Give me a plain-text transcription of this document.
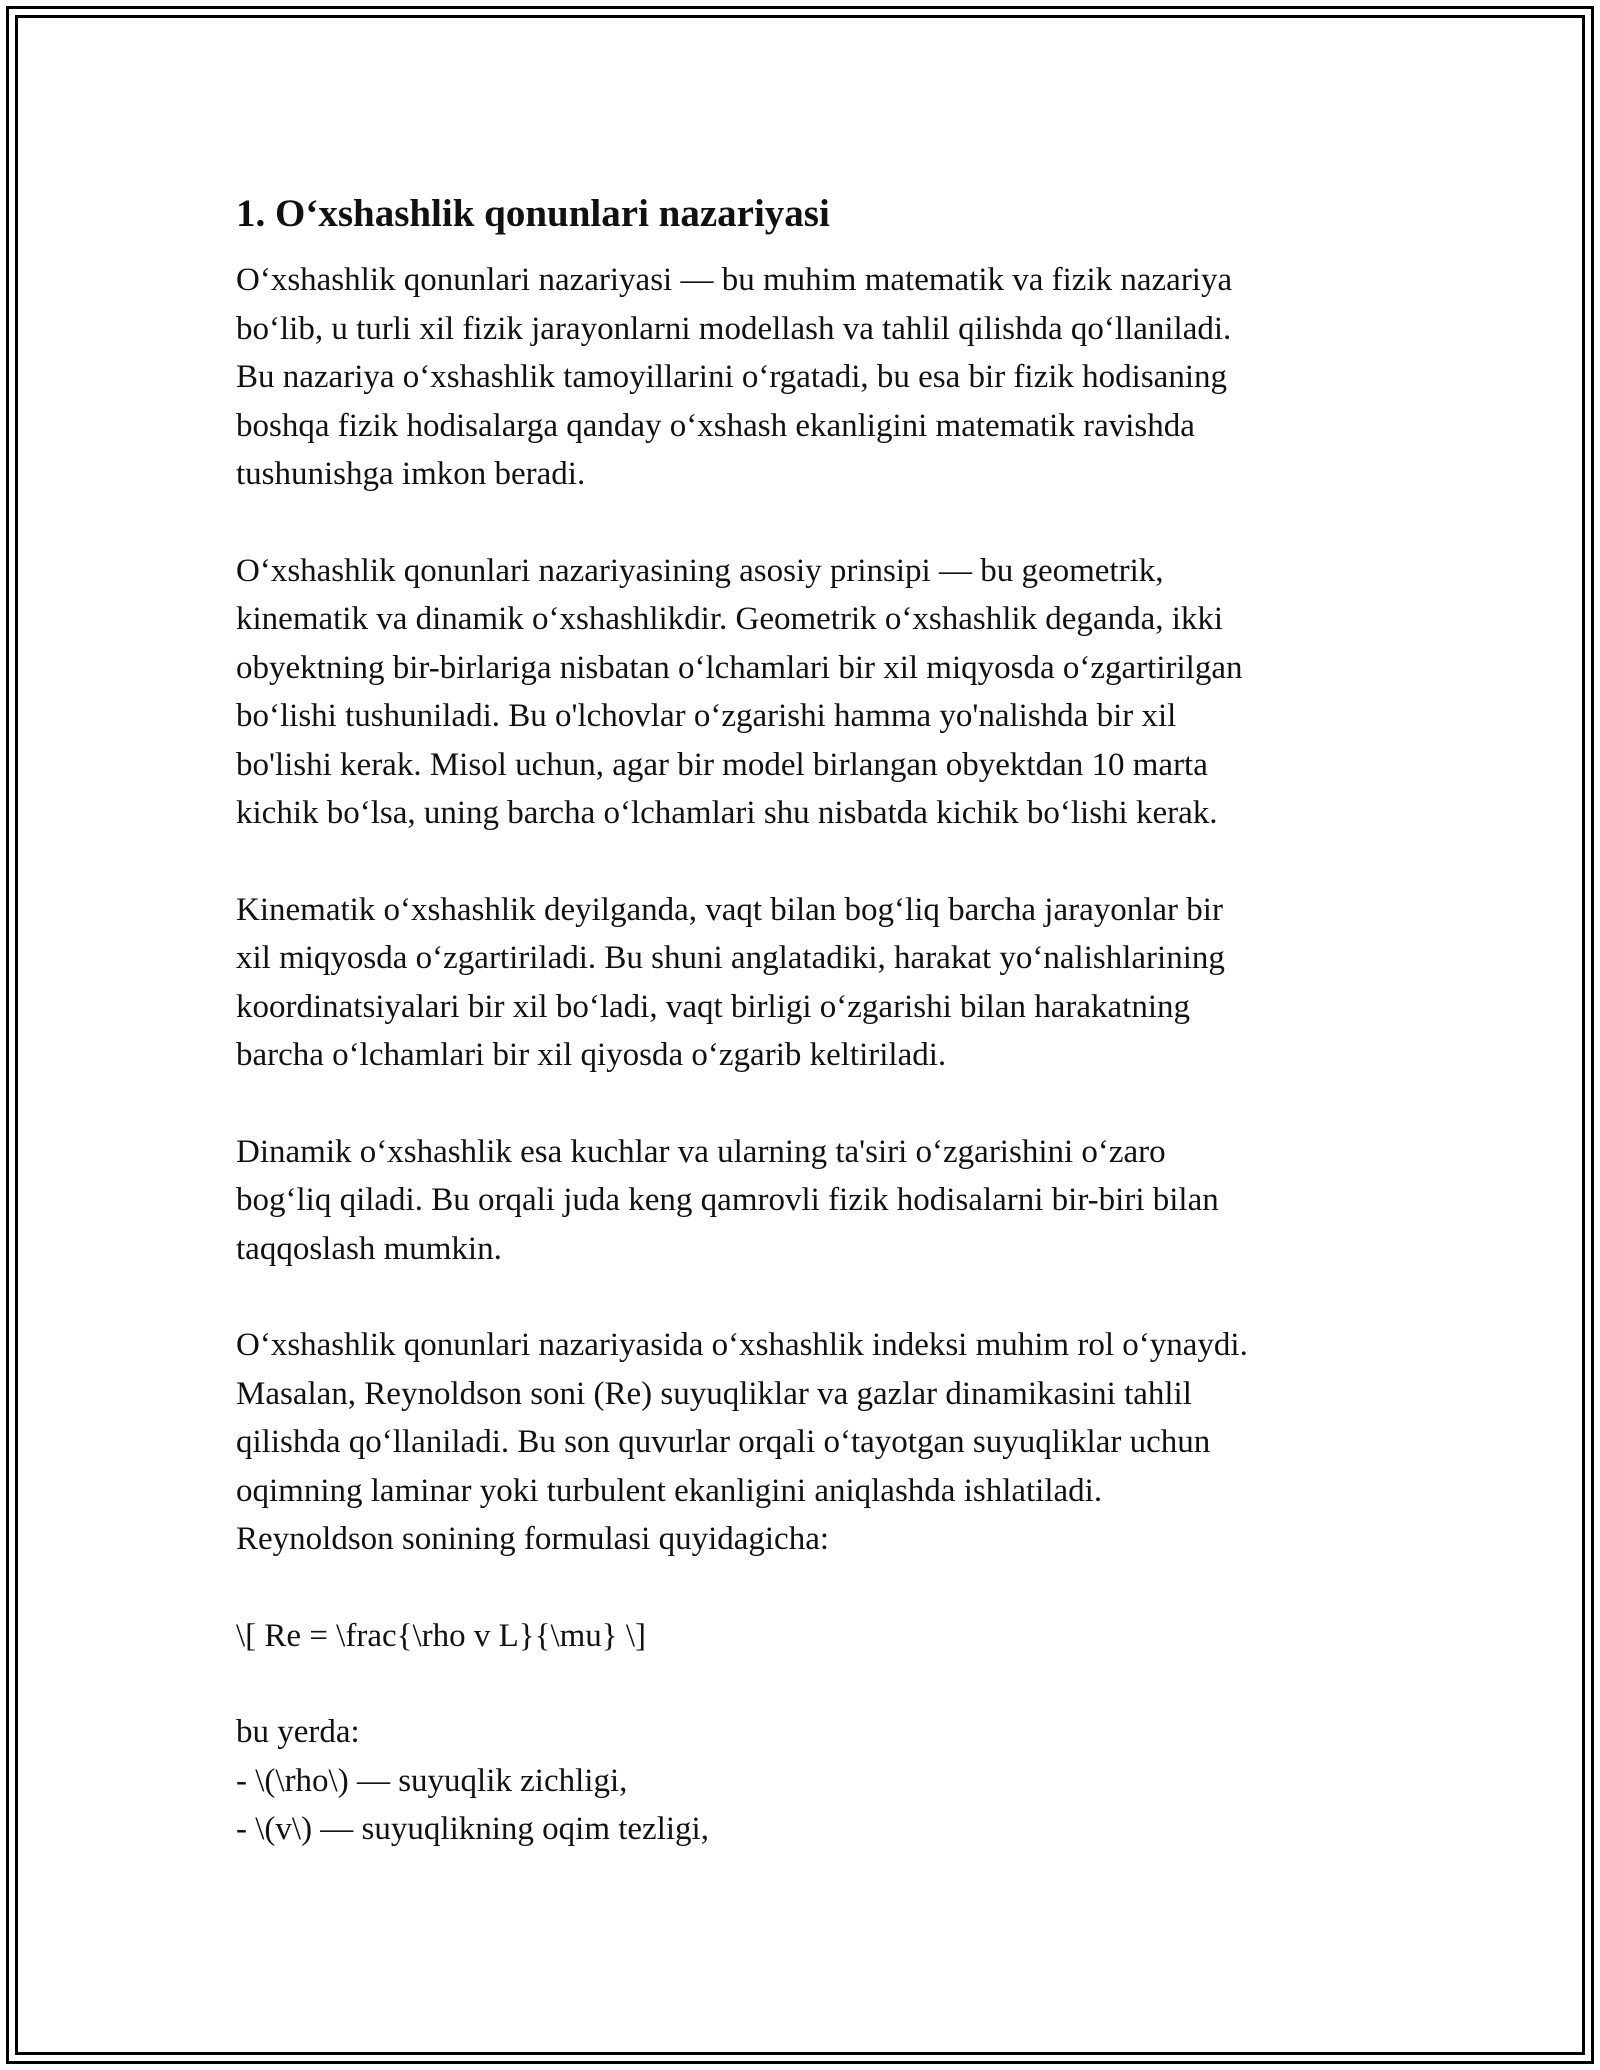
1. O‘xshashlik qonunlari nazariyasi

O‘xshashlik qonunlari nazariyasi — bu muhim matematik va fizik nazariya
bo‘lib, u turli xil fizik jarayonlarni modellash va tahlil qilishda qo‘llaniladi.
Bu nazariya o‘xshashlik tamoyillarini o‘rgatadi, bu esa bir fizik hodisaning
boshqa fizik hodisalarga qanday o‘xshash ekanligini matematik ravishda
tushunishga imkon beradi.

O‘xshashlik qonunlari nazariyasining asosiy prinsipi — bu geometrik,
kinematik va dinamik o‘xshashlikdir. Geometrik o‘xshashlik deganda, ikki
obyektning bir-birlariga nisbatan o‘lchamlari bir xil miqyosda o‘zgartirilgan
bo‘lishi tushuniladi. Bu o'lchovlar o‘zgarishi hamma yo'nalishda bir xil
bo'lishi kerak. Misol uchun, agar bir model birlangan obyektdan 10 marta
kichik bo‘lsa, uning barcha o‘lchamlari shu nisbatda kichik bo‘lishi kerak.

Kinematik o‘xshashlik deyilganda, vaqt bilan bog‘liq barcha jarayonlar bir
xil miqyosda o‘zgartiriladi. Bu shuni anglatadiki, harakat yo‘nalishlarining
koordinatsiyalari bir xil bo‘ladi, vaqt birligi o‘zgarishi bilan harakatning
barcha o‘lchamlari bir xil qiyosda o‘zgarib keltiriladi.

Dinamik o‘xshashlik esa kuchlar va ularning ta'siri o‘zgarishini o‘zaro
bog‘liq qiladi. Bu orqali juda keng qamrovli fizik hodisalarni bir-biri bilan
taqqoslash mumkin.

O‘xshashlik qonunlari nazariyasida o‘xshashlik indeksi muhim rol o‘ynaydi.
Masalan, Reynoldson soni (Re) suyuqliklar va gazlar dinamikasini tahlil
qilishda qo‘llaniladi. Bu son quvurlar orqali o‘tayotgan suyuqliklar uchun
oqimning laminar yoki turbulent ekanligini aniqlashda ishlatiladi.
Reynoldson sonining formulasi quyidagicha:

\[ Re = \frac{\rho v L}{\mu} \]

bu yerda:

- \(\rho\) — suyuqlik zichligi,
- \(v\) — suyuqlikning oqim tezligi,
